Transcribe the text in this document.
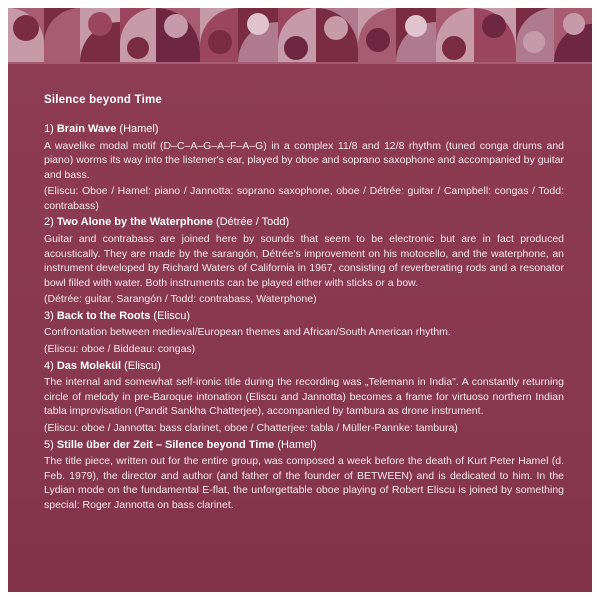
Silence beyond Time
1) Brain Wave (Hamel)

A wavelike modal motif (D–C–A–G–A–F–A–G) in a complex 11/8 and 12/8 rhythm (tuned conga drums and piano) worms its way into the listener's ear, played by oboe and soprano saxophone and accompanied by guitar and bass.

(Eliscu: Oboe / Hamel: piano / Jannotta: soprano saxophone, oboe / Détrée: guitar / Campbell: congas / Todd: contrabass)

2) Two Alone by the Waterphone (Détrée / Todd)

Guitar and contrabass are joined here by sounds that seem to be electronic but are in fact produced acoustically. They are made by the sarangón, Détrée's improvement on his motocello, and the waterphone, an instrument developed by Richard Waters of California in 1967, consisting of reverberating rods and a resonator bowl filled with water. Both instruments can be played either with sticks or a bow.

(Détrée: guitar, Sarangón / Todd: contrabass, Waterphone)

3) Back to the Roots (Eliscu)

Confrontation between medieval/European themes and African/South American rhythm.

(Eliscu: oboe / Biddeau: congas)

4) Das Molekül (Eliscu)

The internal and somewhat self-ironic title during the recording was „Telemann in India". A constantly returning circle of melody in pre-Baroque intonation (Eliscu and Jannotta) becomes a frame for virtuoso northern Indian tabla improvisation (Pandit Sankha Chatterjee), accompanied by tambura as drone instrument.

(Eliscu: oboe / Jannotta: bass clarinet, oboe / Chatterjee: tabla / Müller-Pannke: tambura)

5) Stille über der Zeit – Silence beyond Time (Hamel)

The title piece, written out for the entire group, was composed a week before the death of Kurt Peter Hamel (d. Feb. 1979), the director and author (and father of the founder of BETWEEN) and is dedicated to him. In the Lydian mode on the fundamental E-flat, the unforgettable oboe playing of Robert Eliscu is joined by something special: Roger Jannotta on bass clarinet.
